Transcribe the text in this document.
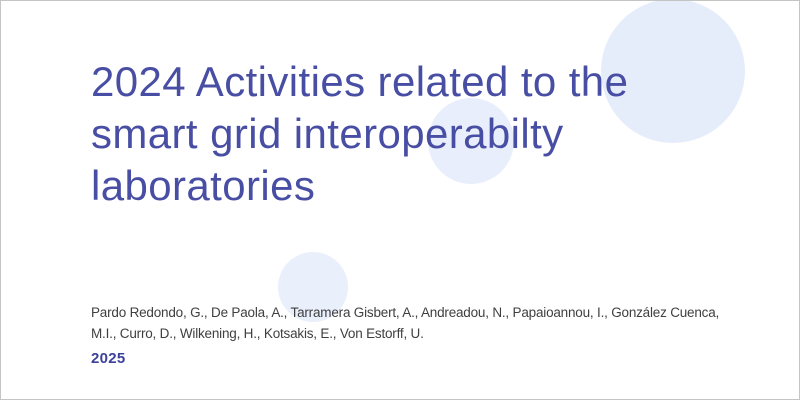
2024 Activities related to the
smart grid interoperabilty
laboratories

Pardo Redondo, G., De Paola, A., Tarramera Gisbert, A., Andreadou, N., Papaioannou, I., González Cuenca,
M.I., Curro, D., Wilkening, H., Kotsakis, E., Von Estorff, U.

2025
